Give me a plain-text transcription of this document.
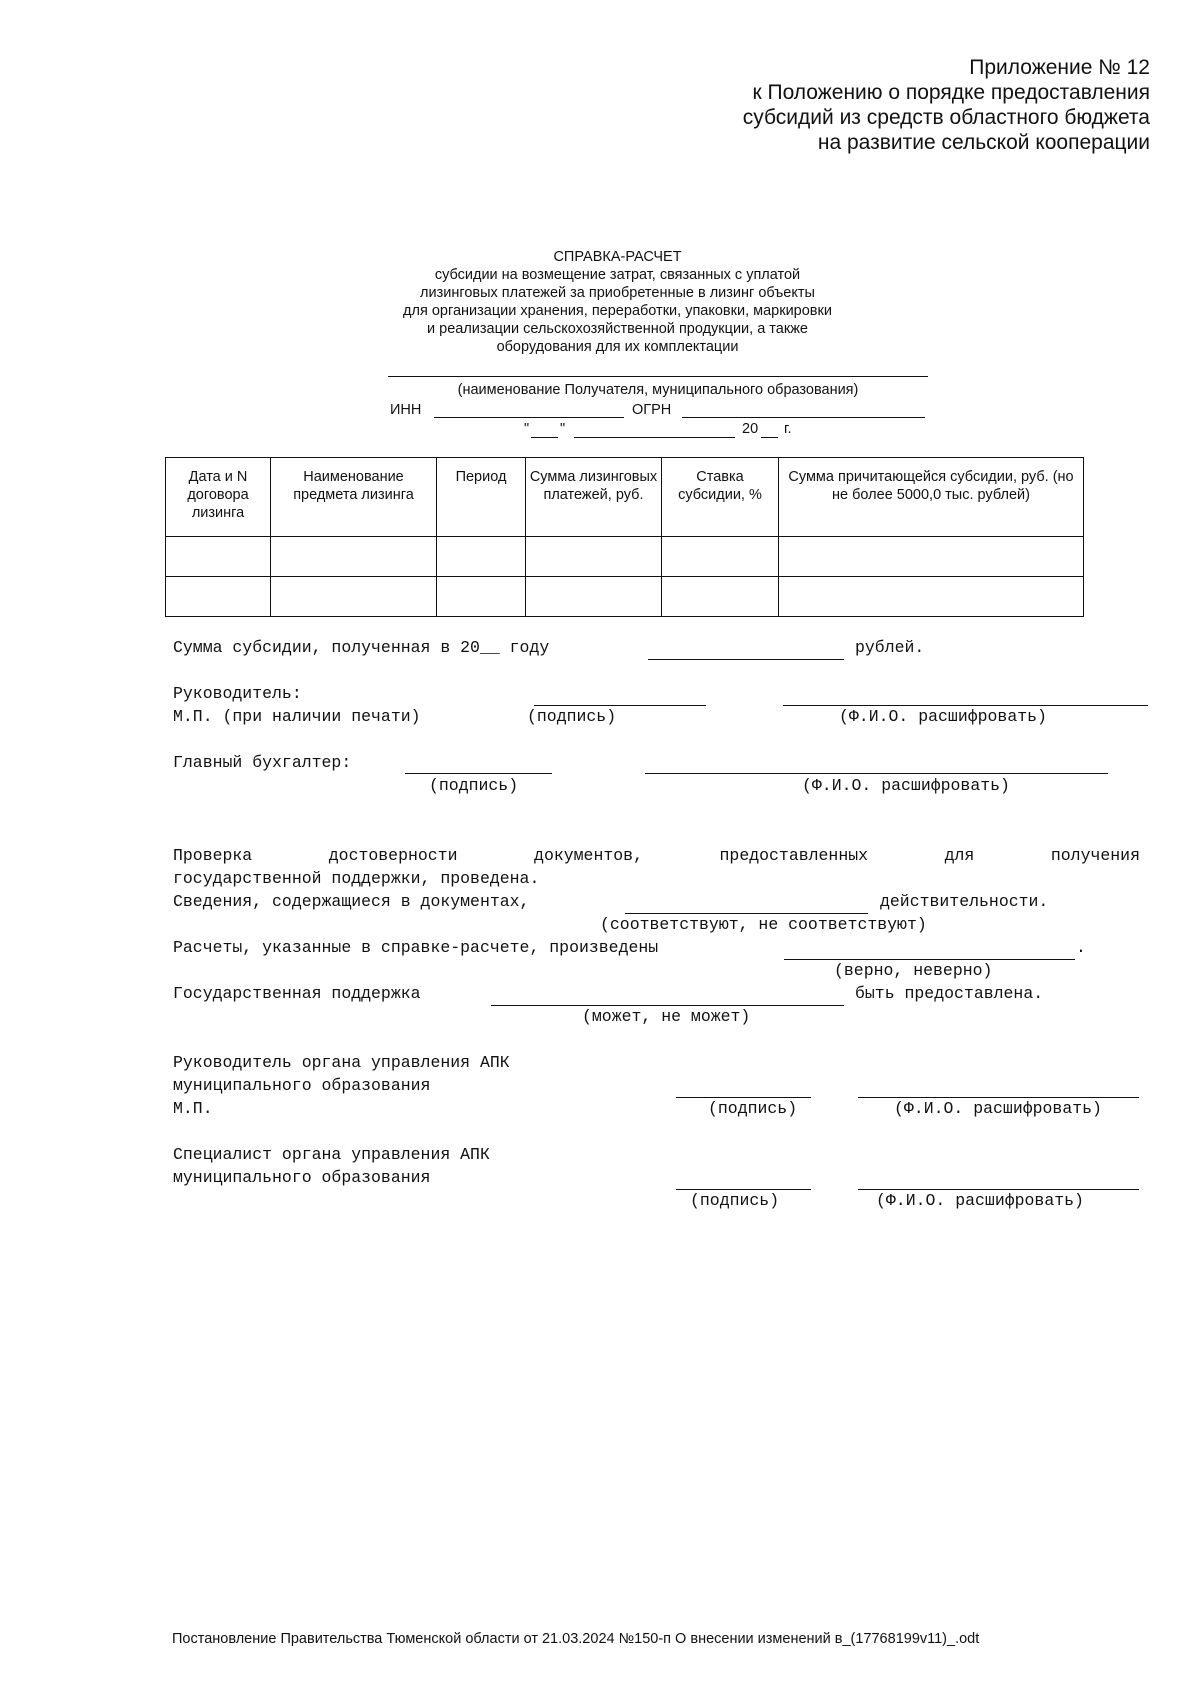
Приложение № 12
к Положению о порядке предоставления
субсидий из средств областного бюджета
на развитие сельской кооперации
СПРАВКА-РАСЧЕТ
субсидии на возмещение затрат, связанных с уплатой
лизинговых платежей за приобретенные в лизинг объекты
для организации хранения, переработки, упаковки, маркировки
и реализации сельскохозяйственной продукции, а также
оборудования для их комплектации
(наименование Получателя, муниципального образования)
ИНН	ОГРН
" "	20 г.
Дата и N договора лизинга	Наименование предмета лизинга	Период	Сумма лизинговых платежей, руб.	Ставка субсидии, %	Сумма причитающейся субсидии, руб. (но не более 5000,0 тыс. рублей)

Сумма субсидии, полученная в 20__ году	рублей.
Руководитель:
М.П. (при наличии печати)	(подпись)	(Ф.И.О. расшифровать)
Главный бухгалтер:
(подпись)	(Ф.И.О. расшифровать)
Проверка	достоверности	документов,	предоставленных	для	получения
государственной поддержки, проведена.
Сведения, содержащиеся в документах,	действительности.
(соответствуют, не соответствуют)
Расчеты, указанные в справке-расчете, произведены	.
(верно, неверно)
Государственная поддержка	быть предоставлена.
(может, не может)
Руководитель органа управления АПК
муниципального образования
М.П.	(подпись)	(Ф.И.О. расшифровать)
Специалист органа управления АПК
муниципального образования
(подпись)	(Ф.И.О. расшифровать)
Постановление Правительства Тюменской области от 21.03.2024 №150-п О внесении изменений в_(17768199v11)_.odt
